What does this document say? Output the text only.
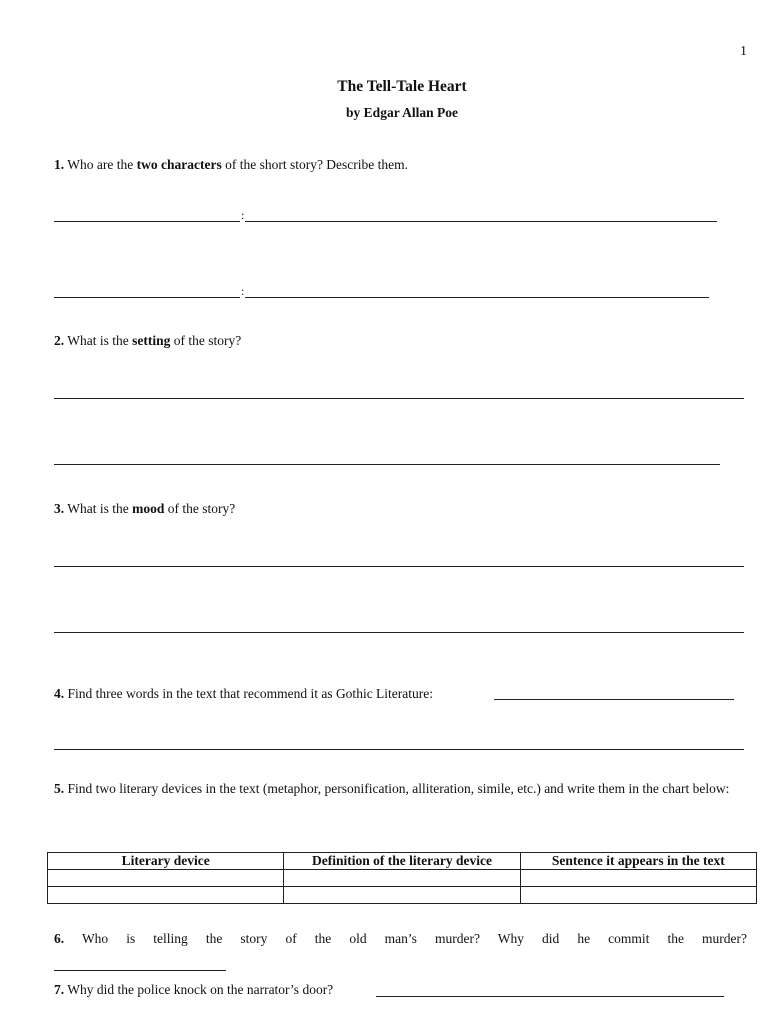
1
The Tell-Tale Heart
by Edgar Allan Poe
1. Who are the two characters of the short story? Describe them.
:
:
2. What is the setting of the story?
3. What is the mood of the story?
4. Find three words in the text that recommend it as Gothic Literature:
5. Find two literary devices in the text (metaphor, personification, alliteration, simile, etc.) and write them in the chart below:
Literary device	Definition of the literary device	Sentence it appears in the text

6. Who is telling the story of the old man’s murder? Why did he commit the murder?
7. Why did the police knock on the narrator’s door?
